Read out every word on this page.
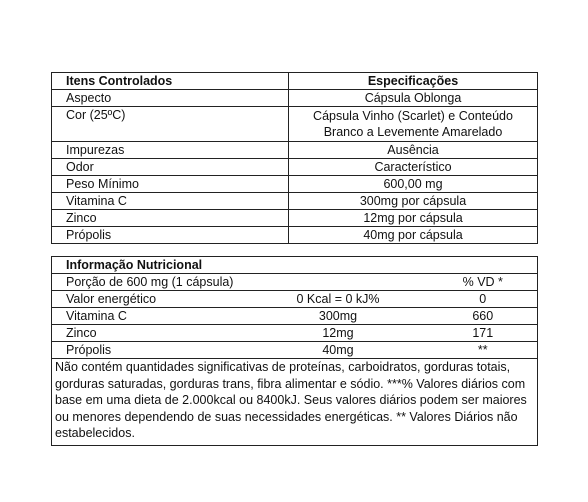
Itens Controlados	Especificações
Aspecto	Cápsula Oblonga
Cor (25ºC)	Cápsula Vinho (Scarlet) e Conteúdo Branco a Levemente Amarelado
Impurezas	Ausência
Odor	Característico
Peso Mínimo	600,00 mg
Vitamina C	300mg por cápsula
Zinco	12mg por cápsula
Própolis	40mg por cápsula
Informação Nutricional		
Porção de 600 mg (1 cápsula)		% VD *
Valor energético	0 Kcal = 0 kJ%	0
Vitamina C	300mg	660
Zinco	12mg	171
Própolis	40mg	**
Não contém quantidades significativas de proteínas, carboidratos, gorduras totais, gorduras saturadas, gorduras trans, fibra alimentar e sódio. ***% Valores diários com base em uma dieta de 2.000kcal ou 8400kJ. Seus valores diários podem ser maiores ou menores dependendo de suas necessidades energéticas. ** Valores Diários não estabelecidos.		
